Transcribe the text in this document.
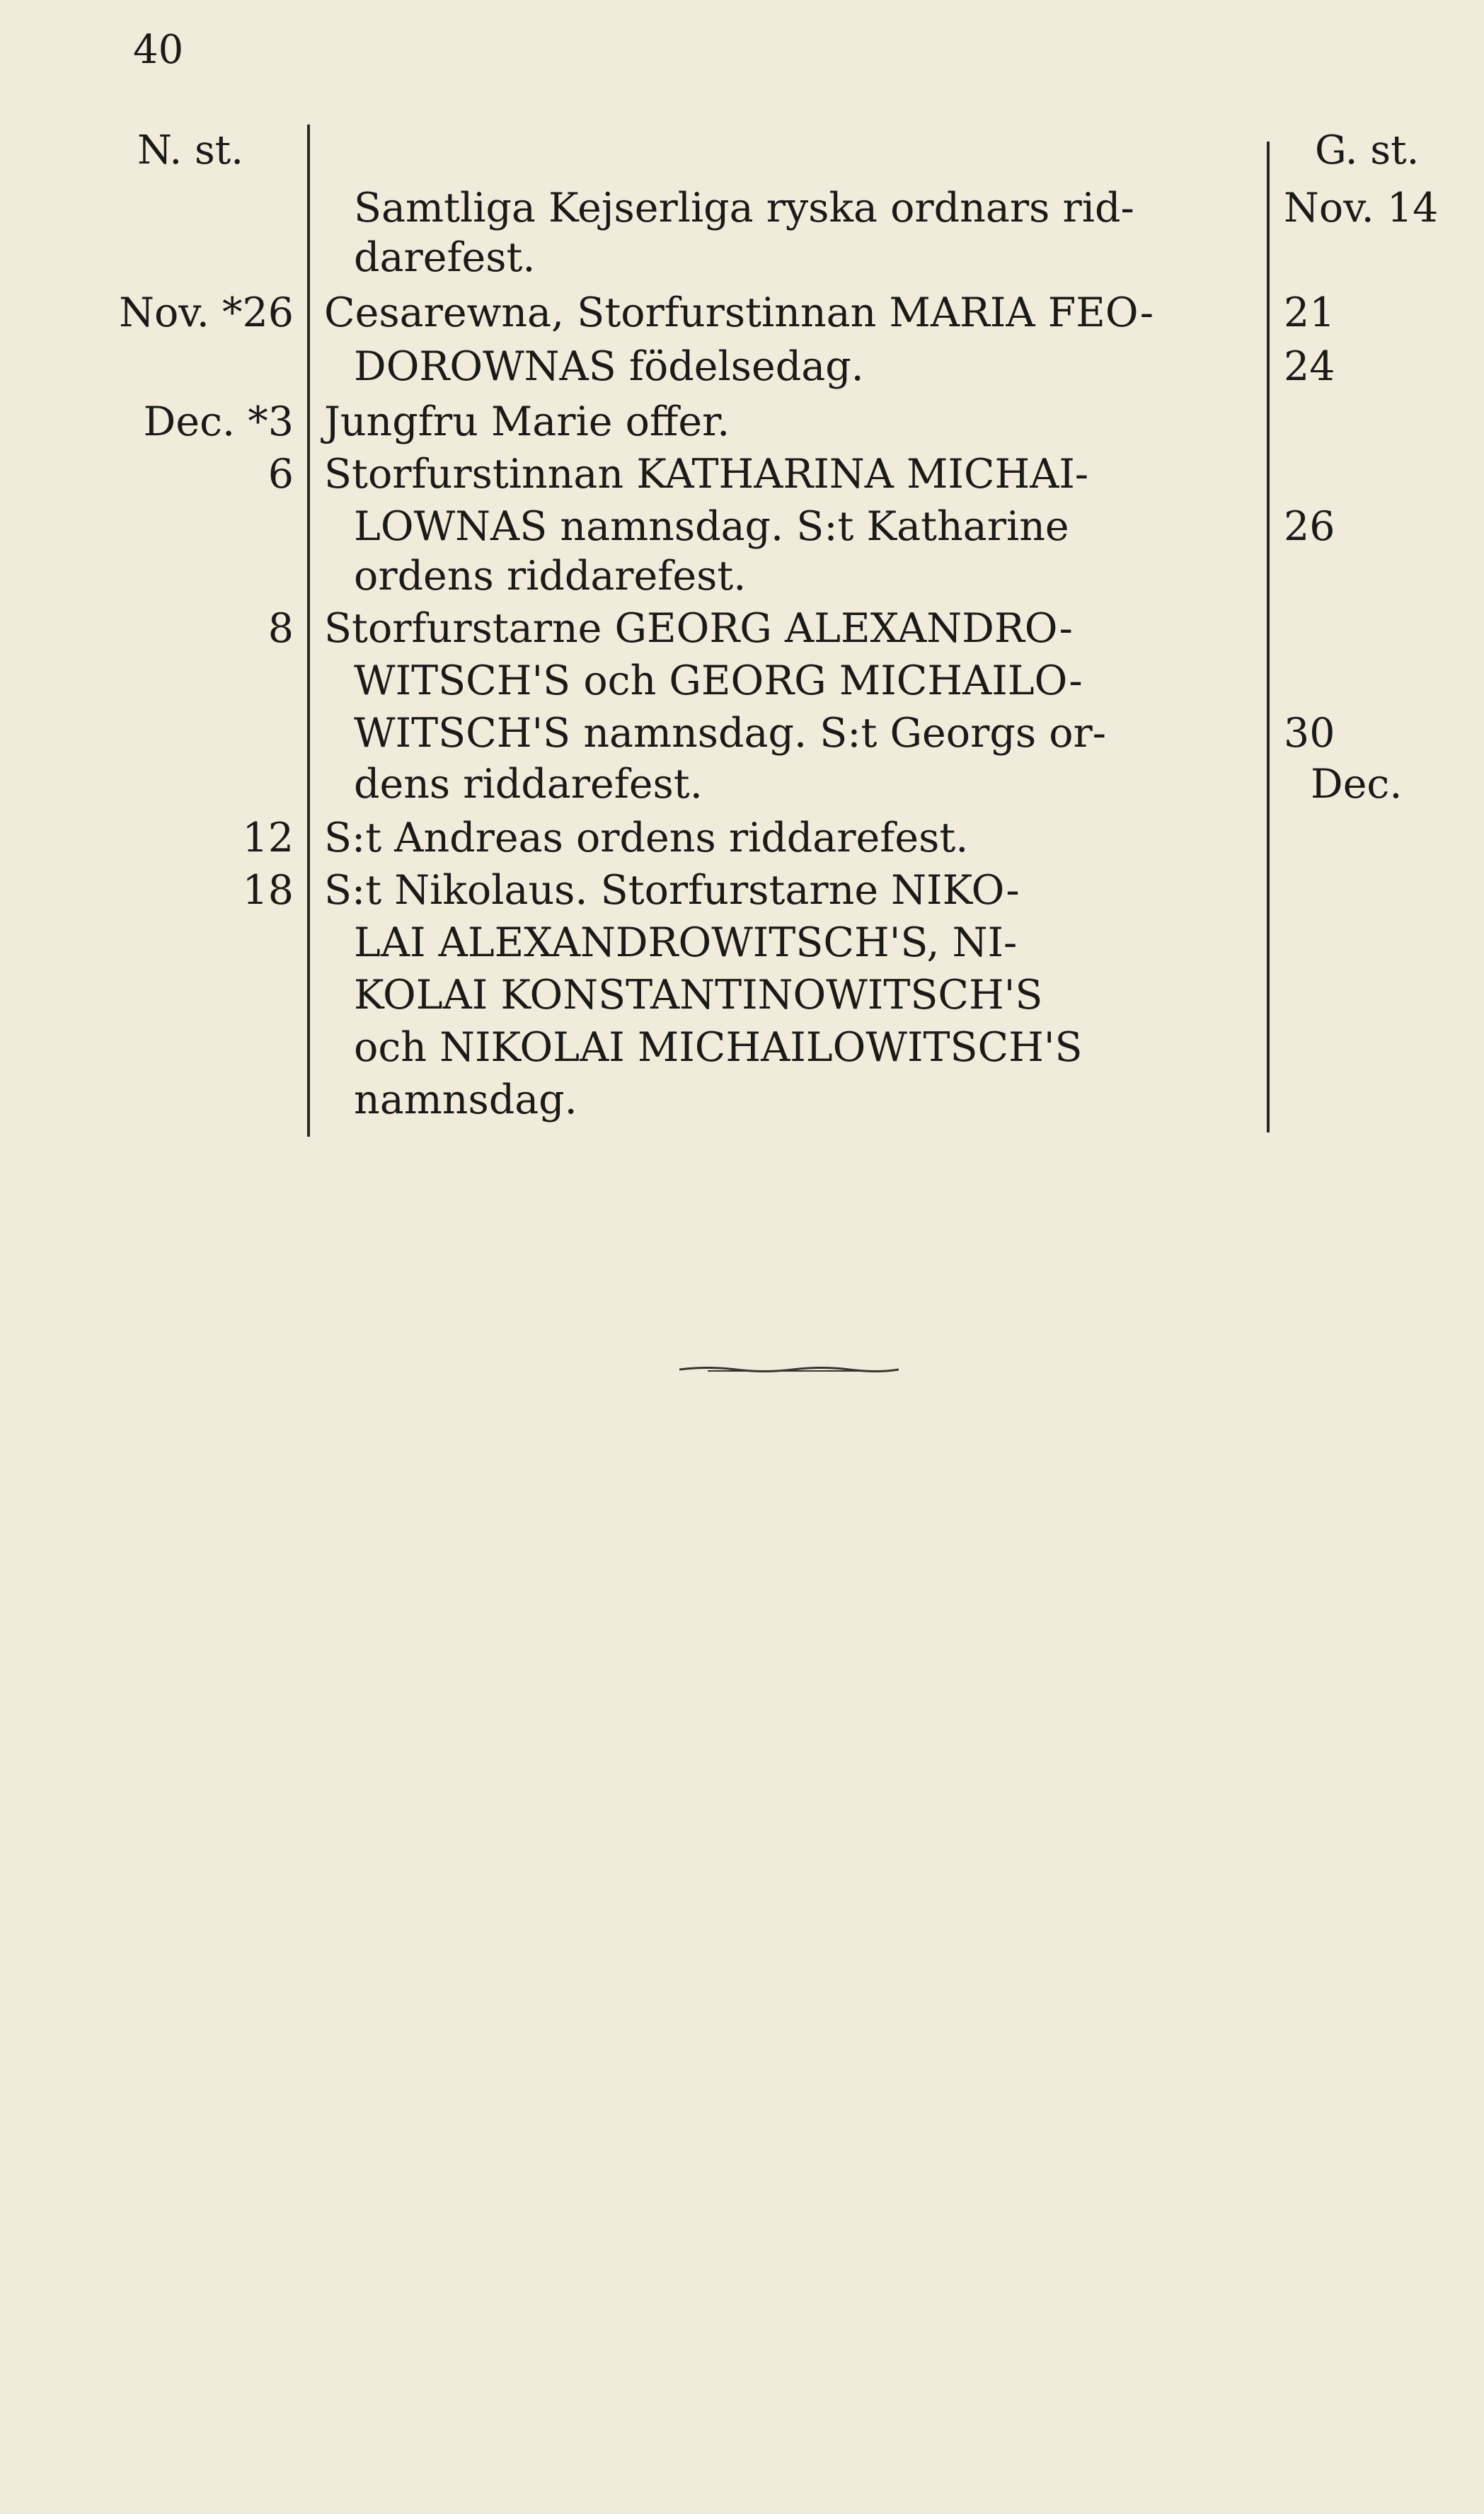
40
N. st.	G. st.
Samtliga Kejserliga ryska ordnars rid-	Nov. 14
darefest.
Nov. *26 Cesarewna, Storfurstinnan MARIA FEO-	21
DOROWNAS födelsedag.	24
Dec. *3 Jungfru Marie offer.
6 Storfurstinnan KATHARINA MICHAI-
LOWNAS namnsdag. S:t Katharine	26
ordens riddarefest.
8 Storfurstarne GEORG ALEXANDRO-
WITSCH'S och GEORG MICHAILO-
WITSCH'S namnsdag. S:t Georgs or-	30
dens riddarefest.	Dec.
12 S:t Andreas ordens riddarefest.
18 S:t Nikolaus. Storfurstarne NIKO-
LAI ALEXANDROWITSCH'S, NI-
KOLAI KONSTANTINOWITSCH'S
och NIKOLAI MICHAILOWITSCH'S
namnsdag.
